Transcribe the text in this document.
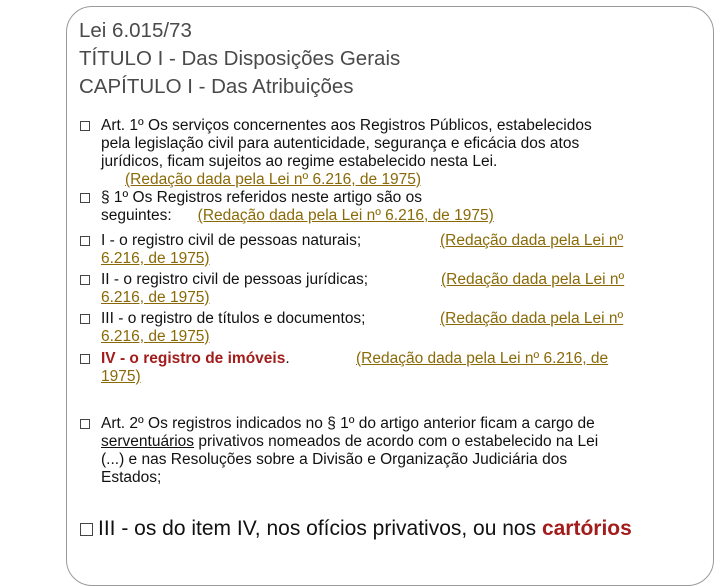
Lei 6.015/73
TÍTULO I - Das Disposições Gerais
CAPÍTULO I - Das Atribuições
Art. 1º Os serviços concernentes aos Registros Públicos, estabelecidos
pela legislação civil para autenticidade, segurança e eficácia dos atos
jurídicos, ficam sujeitos ao regime estabelecido nesta Lei.
(Redação dada pela Lei nº 6.216, de 1975)
§ 1º Os Registros referidos neste artigo são os
seguintes: (Redação dada pela Lei nº 6.216, de 1975)
I - o registro civil de pessoas naturais;	(Redação dada pela Lei nº
6.216, de 1975)
II - o registro civil de pessoas jurídicas;	(Redação dada pela Lei nº
6.216, de 1975)
III - o registro de títulos e documentos;	(Redação dada pela Lei nº
6.216, de 1975)
IV - o registro de imóveis.	(Redação dada pela Lei nº 6.216, de
1975)
Art. 2º Os registros indicados no § 1º do artigo anterior ficam a cargo de
serventuários privativos nomeados de acordo com o estabelecido na Lei
(...) e nas Resoluções sobre a Divisão e Organização Judiciária dos
Estados;
III - os do item IV, nos ofícios privativos, ou nos cartórios
